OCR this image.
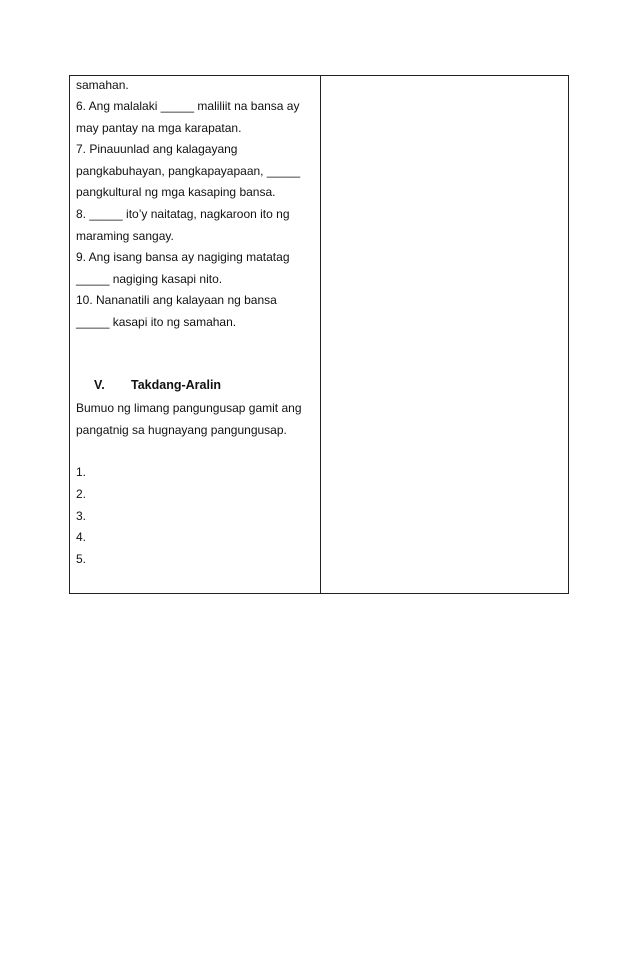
samahan.
6. Ang malalaki _____ maliliit na bansa ay
may pantay na mga karapatan.
7. Pinauunlad ang kalagayang
pangkabuhayan, pangkapayapaan, _____
pangkultural ng mga kasaping bansa.
8. _____ ito’y naitatag, nagkaroon ito ng
maraming sangay.
9. Ang isang bansa ay nagiging matatag
_____ nagiging kasapi nito.
10. Nananatili ang kalayaan ng bansa
_____ kasapi ito ng samahan.
V. Takdang-Aralin
Bumuo ng limang pangungusap gamit ang
pangatnig sa hugnayang pangungusap.
1.
2.
3.
4.
5.
